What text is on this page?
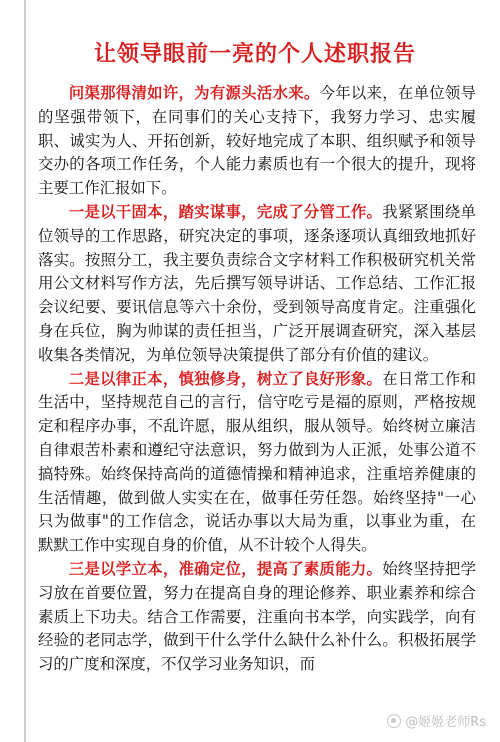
让领导眼前一亮的个人述职报告

问渠那得清如许，为有源头活水来。今年以来，在单位领导的坚强带领下，在同事们的关心支持下，我努力学习、忠实履职、诚实为人、开拓创新，较好地完成了本职、组织赋予和领导交办的各项工作任务，个人能力素质也有一个很大的提升，现将主要工作汇报如下。

一是以干固本，踏实谋事，完成了分管工作。我紧紧围绕单位领导的工作思路，研究决定的事项，逐条逐项认真细致地抓好落实。按照分工，我主要负责综合文字材料工作积极研究机关常用公文材料写作方法，先后撰写领导讲话、工作总结、工作汇报会议纪要、要讯信息等六十余份，受到领导高度肯定。注重强化身在兵位，胸为帅谋的责任担当，广泛开展调查研究，深入基层收集各类情况，为单位领导决策提供了部分有价值的建议。

二是以律正本，慎独修身，树立了良好形象。在日常工作和生活中，坚持规范自己的言行，信守吃亏是福的原则，严格按规定和程序办事，不乱许愿，服从组织，服从领导。始终树立廉洁自律艰苦朴素和遵纪守法意识，努力做到为人正派，处事公道不搞特殊。始终保持高尚的道德情操和精神追求，注重培养健康的生活情趣，做到做人实实在在，做事任劳任怨。始终坚持"一心只为做事"的工作信念，说话办事以大局为重，以事业为重，在默默工作中实现自身的价值，从不计较个人得失。

三是以学立本，准确定位，提高了素质能力。始终坚持把学习放在首要位置，努力在提高自身的理论修养、职业素养和综合素质上下功夫。结合工作需要，注重向书本学，向实践学，向有经验的老同志学，做到干什么学什么缺什么补什么。积极拓展学习的广度和深度，不仅学习业务知识，而

@姬姬老师Rs
